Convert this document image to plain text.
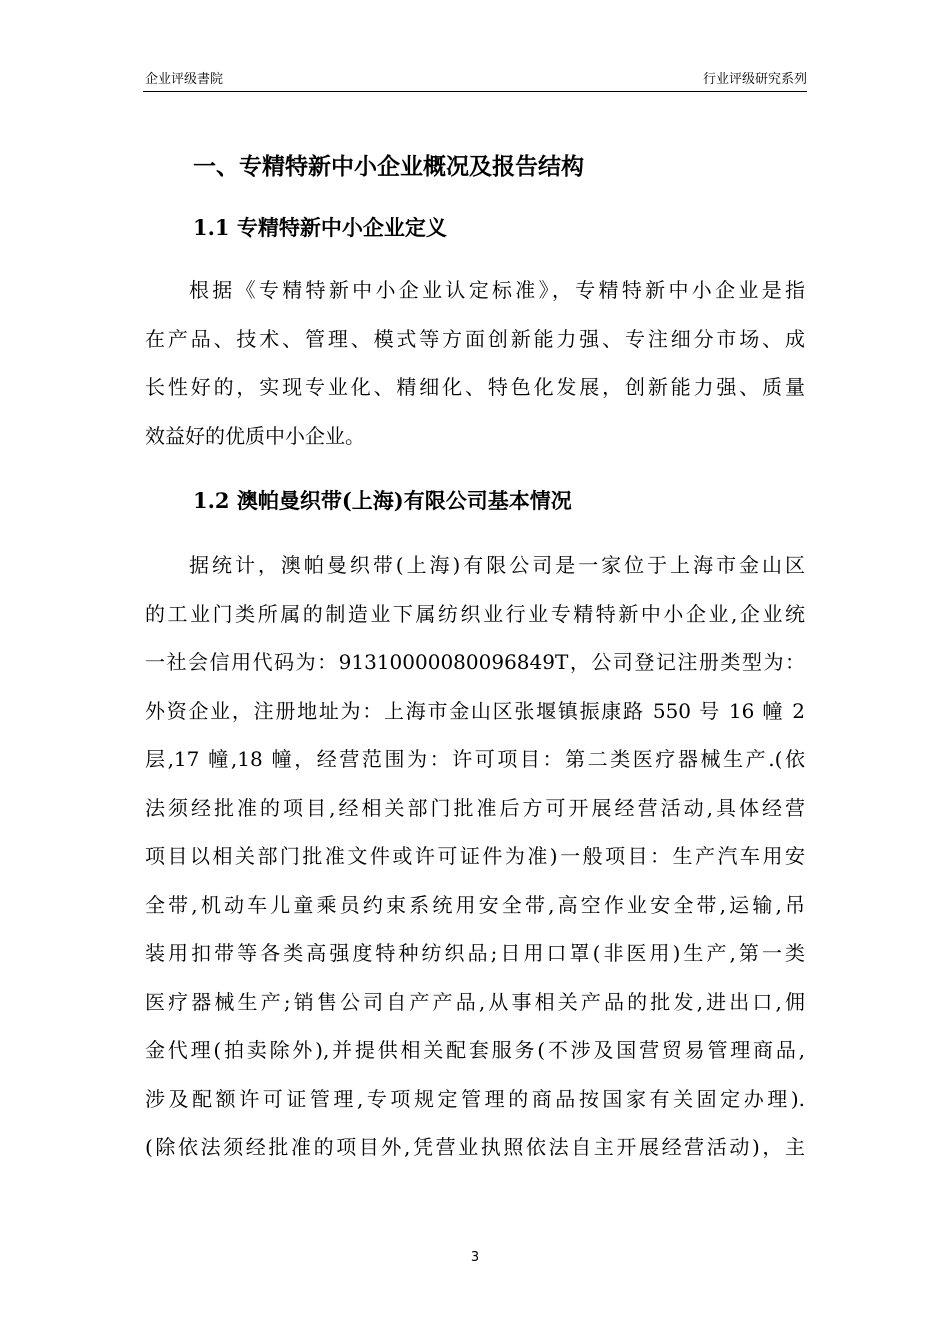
企业评级書院	行业评级研究系列
一、专精特新中小企业概况及报告结构
1.1 专精特新中小企业定义
根据《专精特新中小企业认定标准》，专精特新中小企业是指
在产品、技术、管理、模式等方面创新能力强、专注细分市场、成
长性好的，实现专业化、精细化、特色化发展，创新能力强、质量
效益好的优质中小企业。
1.2 澳帕曼织带(上海)有限公司基本情况
据统计，澳帕曼织带(上海)有限公司是一家位于上海市金山区
的工业门类所属的制造业下属纺织业行业专精特新中小企业,企业统
一社会信用代码为：91310000080096849T，公司登记注册类型为：
外资企业，注册地址为：上海市金山区张堰镇振康路 550 号 16 幢 2
层,17 幢,18 幢，经营范围为：许可项目：第二类医疗器械生产.(依
法须经批准的项目,经相关部门批准后方可开展经营活动,具体经营
项目以相关部门批准文件或许可证件为准)一般项目：生产汽车用安
全带,机动车儿童乘员约束系统用安全带,高空作业安全带,运输,吊
装用扣带等各类高强度特种纺织品;日用口罩(非医用)生产,第一类
医疗器械生产;销售公司自产产品,从事相关产品的批发,进出口,佣
金代理(拍卖除外),并提供相关配套服务(不涉及国营贸易管理商品,
涉及配额许可证管理,专项规定管理的商品按国家有关固定办理).
(除依法须经批准的项目外,凭营业执照依法自主开展经营活动)，主
3
